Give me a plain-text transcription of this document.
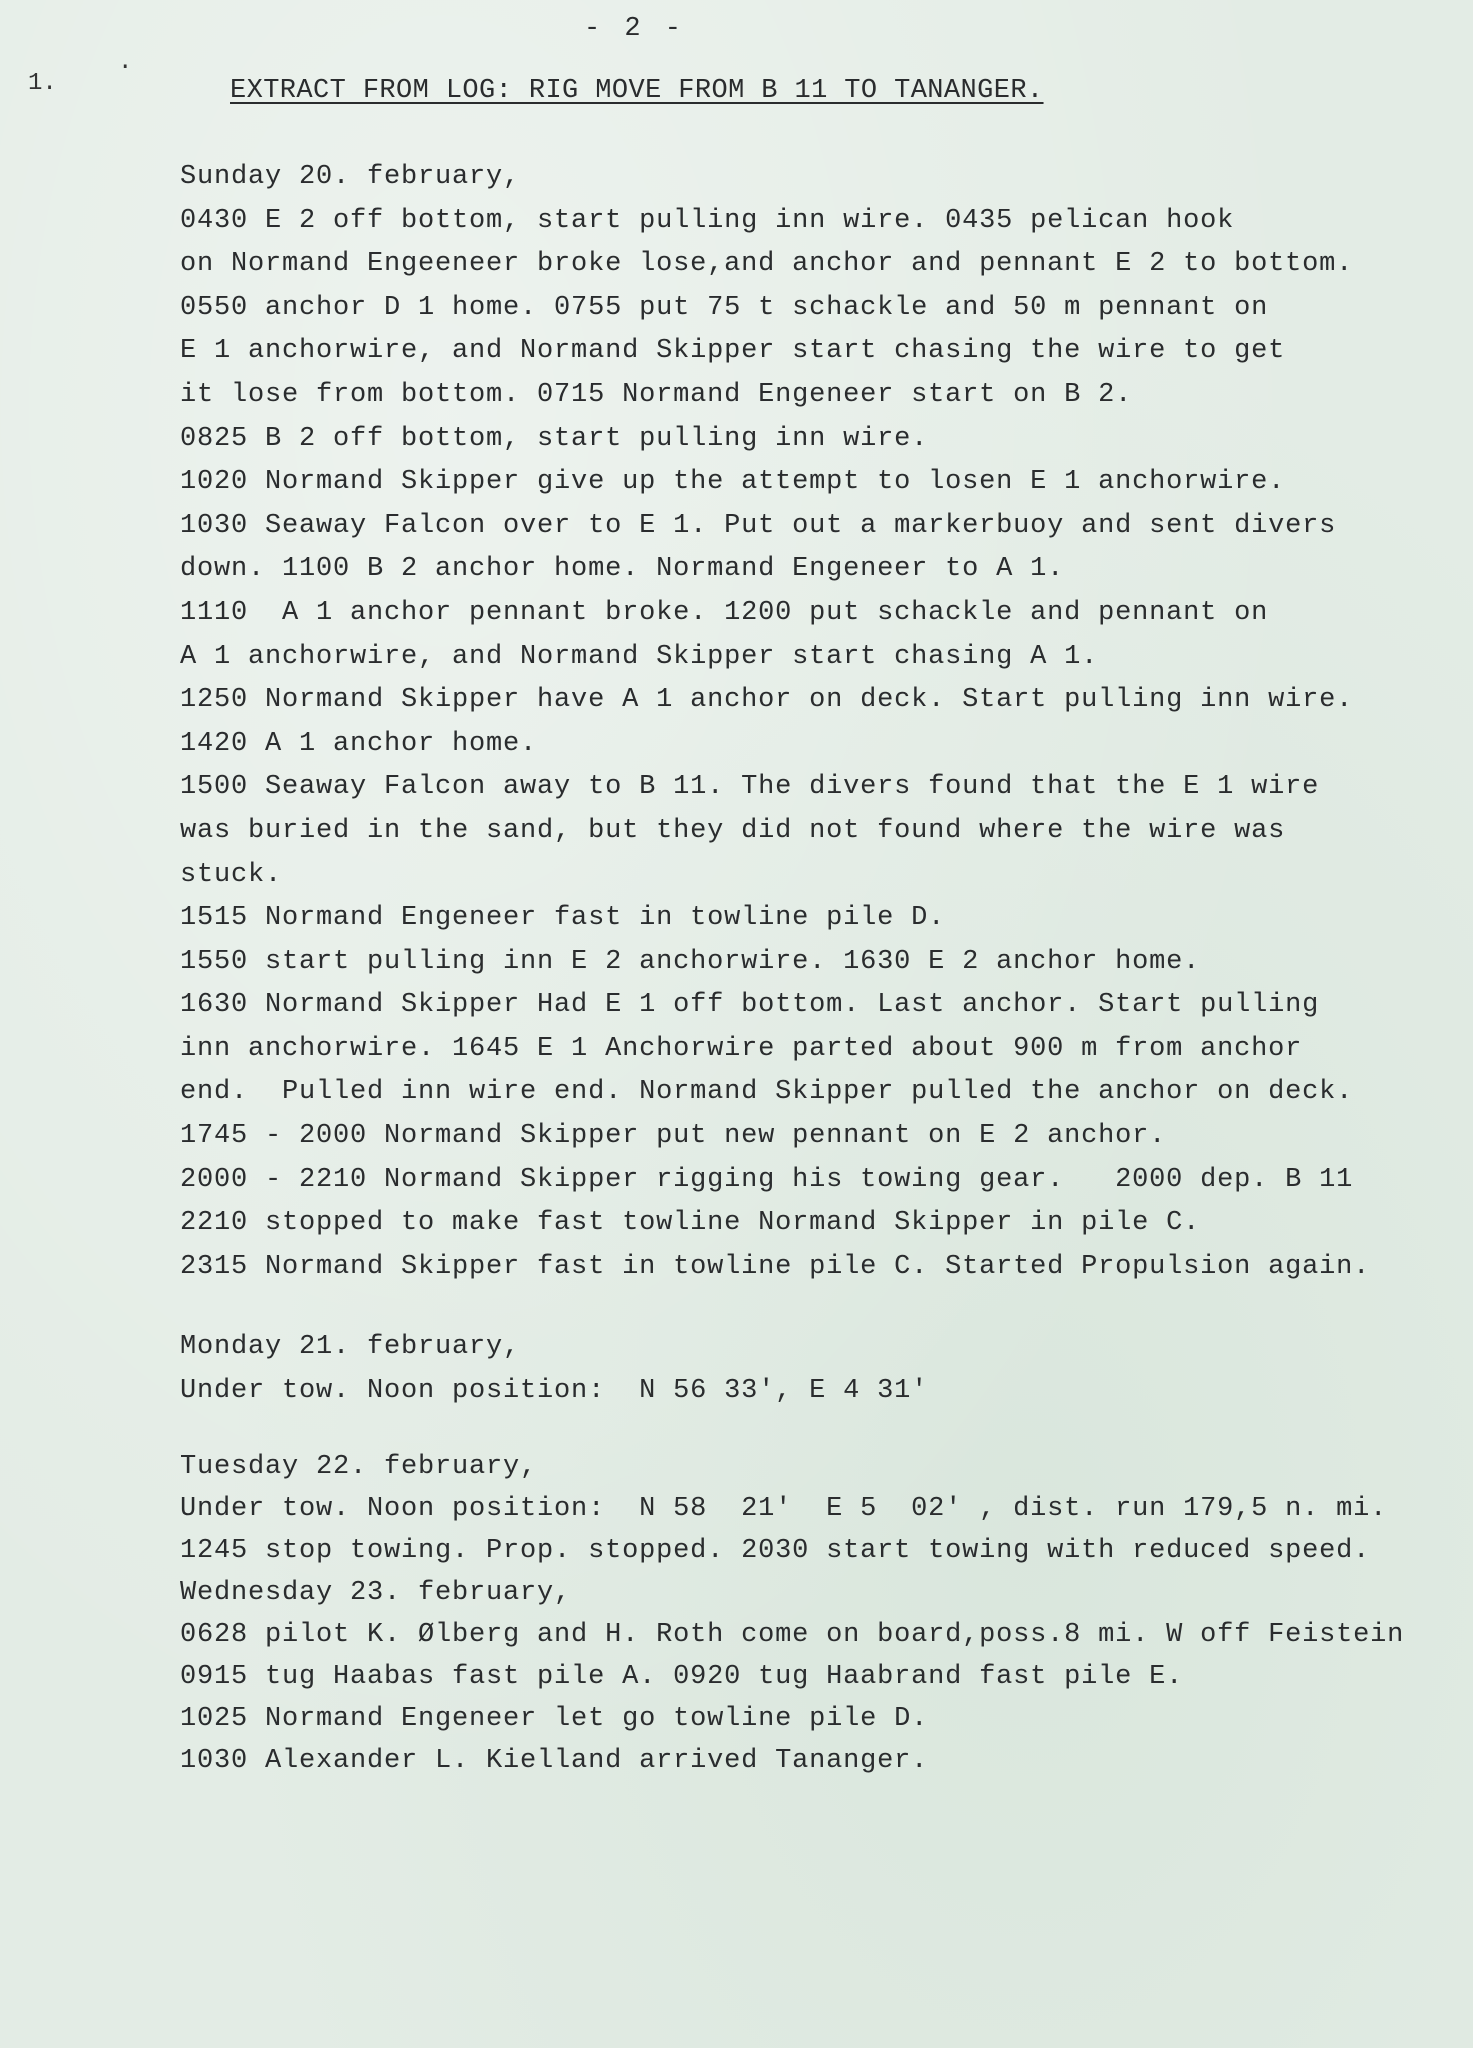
- 2 -
1.
·
EXTRACT FROM LOG: RIG MOVE FROM B 11 TO TANANGER.
Sunday 20. february,
0430 E 2 off bottom, start pulling inn wire. 0435 pelican hook
on Normand Engeeneer broke lose,and anchor and pennant E 2 to bottom.
0550 anchor D 1 home. 0755 put 75 t schackle and 50 m pennant on
E 1 anchorwire, and Normand Skipper start chasing the wire to get
it lose from bottom. 0715 Normand Engeneer start on B 2.
0825 B 2 off bottom, start pulling inn wire.
1020 Normand Skipper give up the attempt to losen E 1 anchorwire.
1030 Seaway Falcon over to E 1. Put out a markerbuoy and sent divers
down. 1100 B 2 anchor home. Normand Engeneer to A 1.
1110  A 1 anchor pennant broke. 1200 put schackle and pennant on
A 1 anchorwire, and Normand Skipper start chasing A 1.
1250 Normand Skipper have A 1 anchor on deck. Start pulling inn wire.
1420 A 1 anchor home.
1500 Seaway Falcon away to B 11. The divers found that the E 1 wire
was buried in the sand, but they did not found where the wire was
stuck.
1515 Normand Engeneer fast in towline pile D.
1550 start pulling inn E 2 anchorwire. 1630 E 2 anchor home.
1630 Normand Skipper Had E 1 off bottom. Last anchor. Start pulling
inn anchorwire. 1645 E 1 Anchorwire parted about 900 m from anchor
end.  Pulled inn wire end. Normand Skipper pulled the anchor on deck.
1745 - 2000 Normand Skipper put new pennant on E 2 anchor.
2000 - 2210 Normand Skipper rigging his towing gear.   2000 dep. B 11
2210 stopped to make fast towline Normand Skipper in pile C.
2315 Normand Skipper fast in towline pile C. Started Propulsion again.
Monday 21. february,
Under tow. Noon position:  N 56 33', E 4 31'
Tuesday 22. february,
Under tow. Noon position:  N 58  21'  E 5  02' , dist. run 179,5 n. mi.
1245 stop towing. Prop. stopped. 2030 start towing with reduced speed.
Wednesday 23. february,
0628 pilot K. Ølberg and H. Roth come on board,poss.8 mi. W off Feistein
0915 tug Haabas fast pile A. 0920 tug Haabrand fast pile E.
1025 Normand Engeneer let go towline pile D.
1030 Alexander L. Kielland arrived Tananger.
